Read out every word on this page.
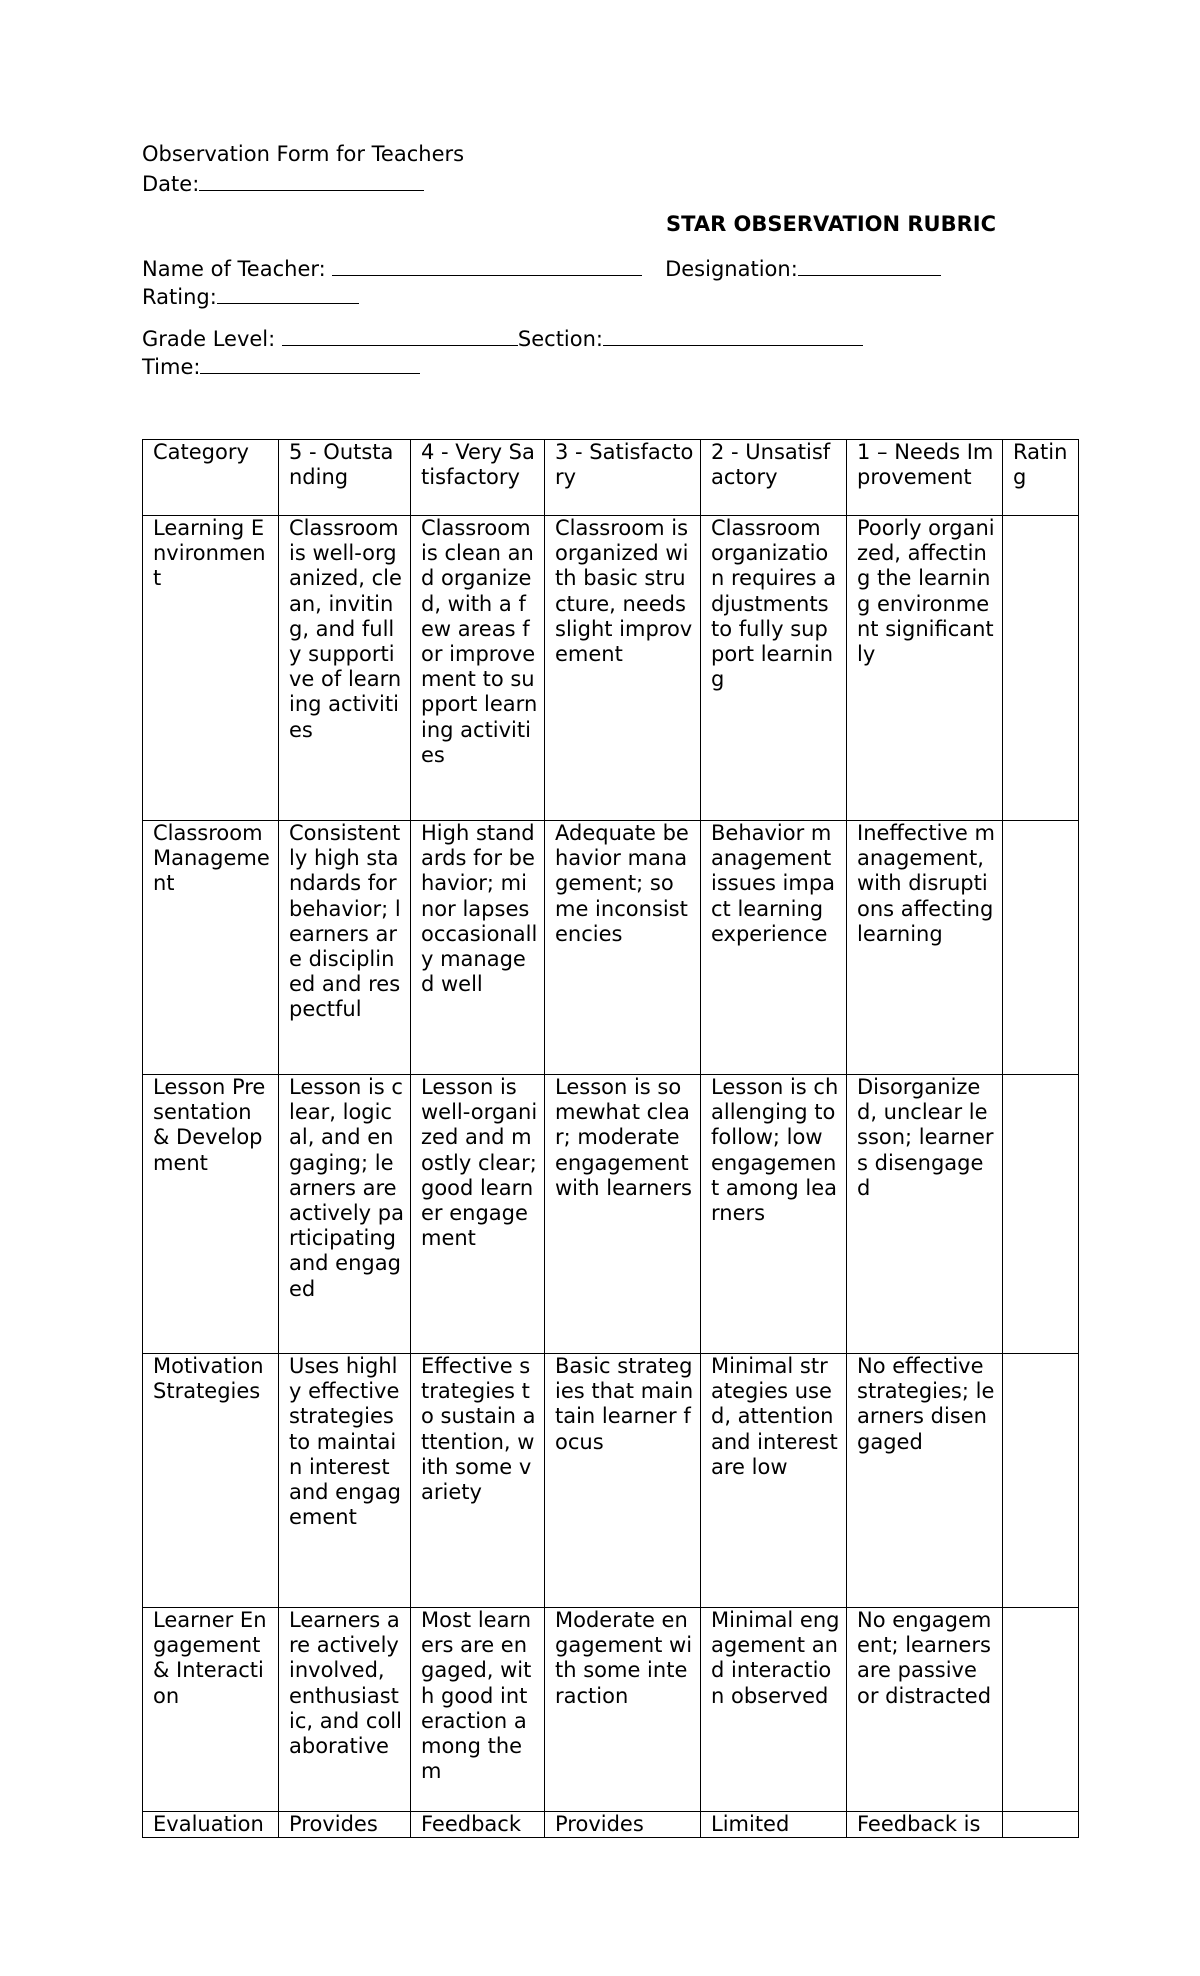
Observation Form for Teachers
Date:
STAR OBSERVATION RUBRIC
Name of Teacher:	Designation:
Rating:
Grade Level:	Section:
Time:
Category	5 - Outstanding	4 - Very Satisfactory	3 - Satisfactory	2 - Unsatisfactory	1 – Needs Improvement	Rating
Learning Environment	Classroom is well-organized, clean, inviting, and fully supportive of learning activities	Classroom is clean and organized, with a few areas for improvement to support learning activities	Classroom is organized with basic structure, needs slight improvement	Classroom organization requires adjustments to fully support learning	Poorly organized, affecting the learning environment significantly	
Classroom Management	Consistently high standards for behavior; learners are disciplined and respectful	High standards for behavior; minor lapses occasionally managed well	Adequate behavior management; some inconsistencies	Behavior management issues impact learning experience	Ineffective management, with disruptions affecting learning	
Lesson Presentation & Development	Lesson is clear, logical, and engaging; learners are actively participating and engaged	Lesson is well-organized and mostly clear; good learner engagement	Lesson is somewhat clear; moderate engagement with learners	Lesson is challenging to follow; low engagement among learners	Disorganized, unclear lesson; learners disengaged	
Motivation Strategies	Uses highly effective strategies to maintain interest and engagement	Effective strategies to sustain attention, with some variety	Basic strategies that maintain learner focus	Minimal strategies used, attention and interest are low	No effective strategies; learners disengaged	
Learner Engagement & Interaction	Learners are actively involved, enthusiastic, and collaborative	Most learners are engaged, with good interaction among them	Moderate engagement with some interaction	Minimal engagement and interaction observed	No engagement; learners are passive or distracted	
Evaluation	Provides	Feedback	Provides	Limited	Feedback is	
